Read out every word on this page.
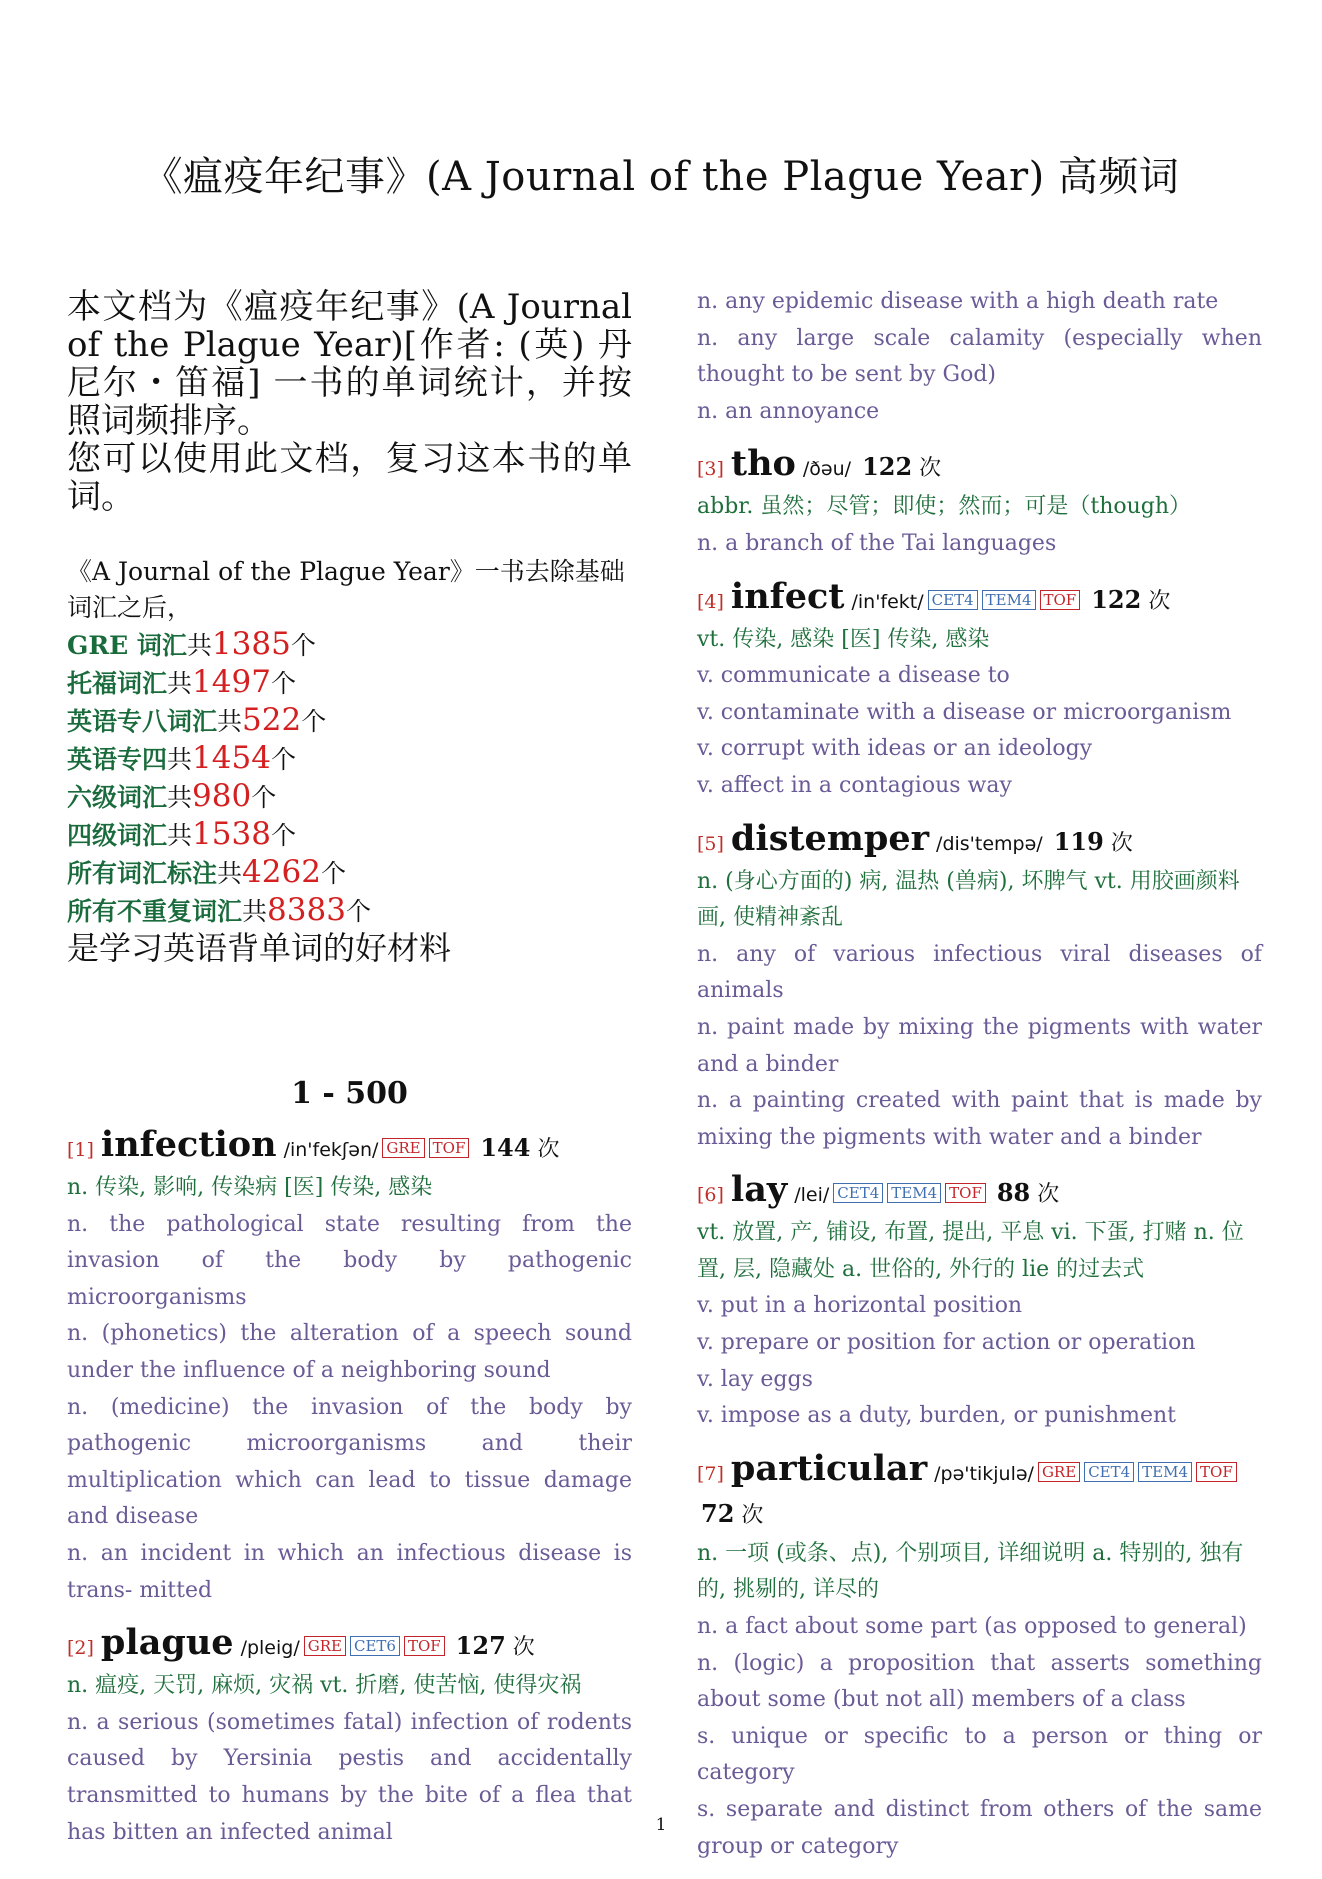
《瘟疫年纪事》(A Journal of the Plague Year) 高频词

本文档为《瘟疫年纪事》(A Journal of the Plague Year)[作者: (英) 丹尼尔・笛福] 一书的单词统计，并按照词频排序。

您可以使用此文档，复习这本书的单词。

《A Journal of the Plague Year》一书去除基础词汇之后，
GRE 词汇共1385个
托福词汇共1497个
英语专八词汇共522个
英语专四共1454个
六级词汇共980个
四级词汇共1538个
所有词汇标注共4262个
所有不重复词汇共8383个
是学习英语背单词的好材料
1 - 500
[1] infection /in'fekʃən/ GRE TOF 144 次
n. 传染, 影响, 传染病 [医] 传染, 感染
n. the pathological state resulting from the invasion of the body by pathogenic microorganisms
n. (phonetics) the alteration of a speech sound under the influence of a neighboring sound
n. (medicine) the invasion of the body by pathogenic microorganisms and their multiplication which can lead to tissue damage and disease
n. an incident in which an infectious disease is trans- mitted
[2] plague /pleig/ GRE CET6 TOF 127 次
n. 瘟疫, 天罚, 麻烦, 灾祸 vt. 折磨, 使苦恼, 使得灾祸
n. a serious (sometimes fatal) infection of rodents caused by Yersinia pestis and accidentally transmitted to humans by the bite of a flea that has bitten an infected animal
n. any epidemic disease with a high death rate
n. any large scale calamity (especially when thought to be sent by God)
n. an annoyance
[3] tho /ðəu/ 122 次
abbr. 虽然；尽管；即使；然而；可是（though）
n. a branch of the Tai languages
[4] infect /in'fekt/ CET4 TEM4 TOF 122 次
vt. 传染, 感染 [医] 传染, 感染
v. communicate a disease to
v. contaminate with a disease or microorganism
v. corrupt with ideas or an ideology
v. affect in a contagious way
[5] distemper /dis'tempə/ 119 次
n. (身心方面的) 病, 温热 (兽病), 坏脾气 vt. 用胶画颜料画, 使精神紊乱
n. any of various infectious viral diseases of animals
n. paint made by mixing the pigments with water and a binder
n. a painting created with paint that is made by mixing the pigments with water and a binder
[6] lay /lei/ CET4 TEM4 TOF 88 次
vt. 放置, 产, 铺设, 布置, 提出, 平息 vi. 下蛋, 打赌 n. 位置, 层, 隐藏处 a. 世俗的, 外行的 lie 的过去式
v. put in a horizontal position
v. prepare or position for action or operation
v. lay eggs
v. impose as a duty, burden, or punishment
[7] particular /pə'tikjulə/ GRE CET4 TEM4 TOF 72 次
n. 一项 (或条、点), 个别项目, 详细说明 a. 特别的, 独有的, 挑剔的, 详尽的
n. a fact about some part (as opposed to general)
n. (logic) a proposition that asserts something about some (but not all) members of a class
s. unique or specific to a person or thing or category
s. separate and distinct from others of the same group or category
1
